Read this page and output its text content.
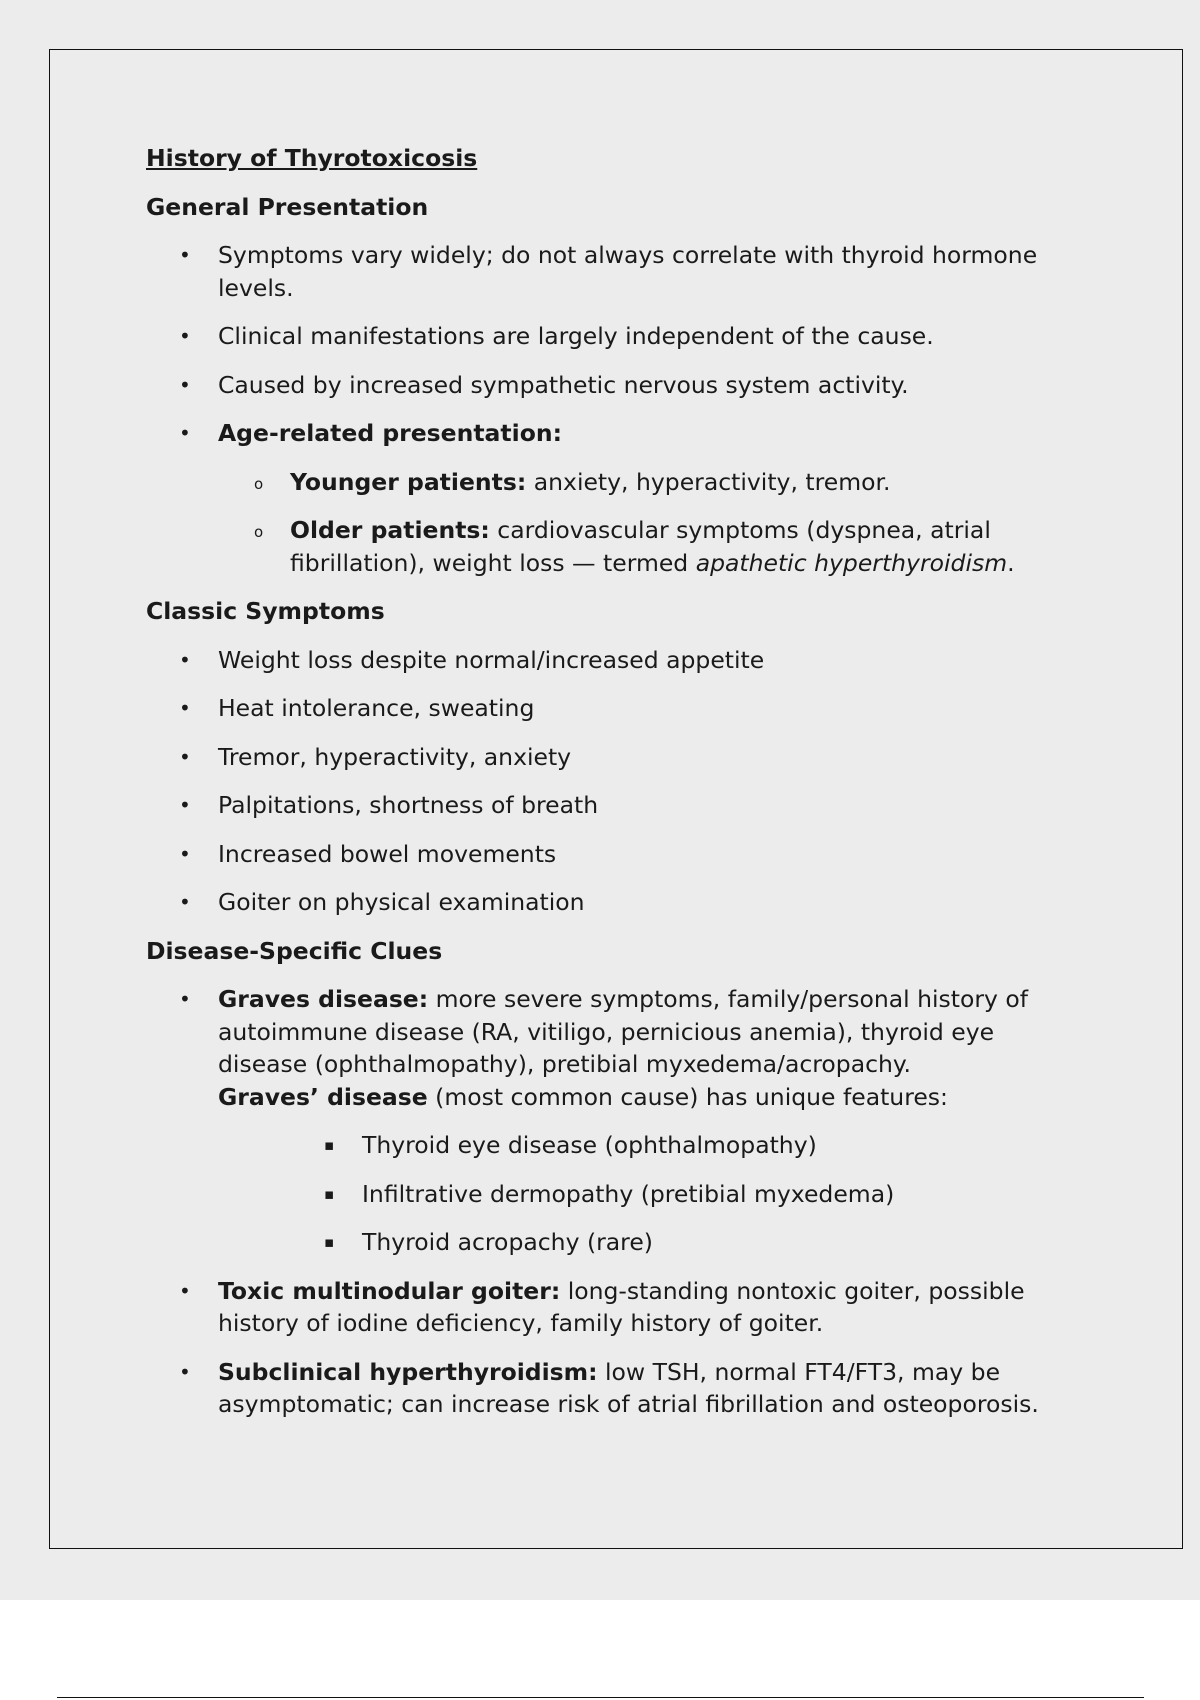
History of Thyrotoxicosis
General Presentation
• Symptoms vary widely; do not always correlate with thyroid hormone levels.
• Clinical manifestations are largely independent of the cause.
• Caused by increased sympathetic nervous system activity.
• Age-related presentation:
o Younger patients: anxiety, hyperactivity, tremor.
o Older patients: cardiovascular symptoms (dyspnea, atrial fibrillation), weight loss — termed apathetic hyperthyroidism.
Classic Symptoms
• Weight loss despite normal/increased appetite
• Heat intolerance, sweating
• Tremor, hyperactivity, anxiety
• Palpitations, shortness of breath
• Increased bowel movements
• Goiter on physical examination
Disease-Specific Clues
• Graves disease: more severe symptoms, family/personal history of autoimmune disease (RA, vitiligo, pernicious anemia), thyroid eye disease (ophthalmopathy), pretibial myxedema/acropachy.
Graves’ disease (most common cause) has unique features:
▪ Thyroid eye disease (ophthalmopathy)
▪ Infiltrative dermopathy (pretibial myxedema)
▪ Thyroid acropachy (rare)
• Toxic multinodular goiter: long-standing nontoxic goiter, possible history of iodine deficiency, family history of goiter.
• Subclinical hyperthyroidism: low TSH, normal FT4/FT3, may be asymptomatic; can increase risk of atrial fibrillation and osteoporosis.
